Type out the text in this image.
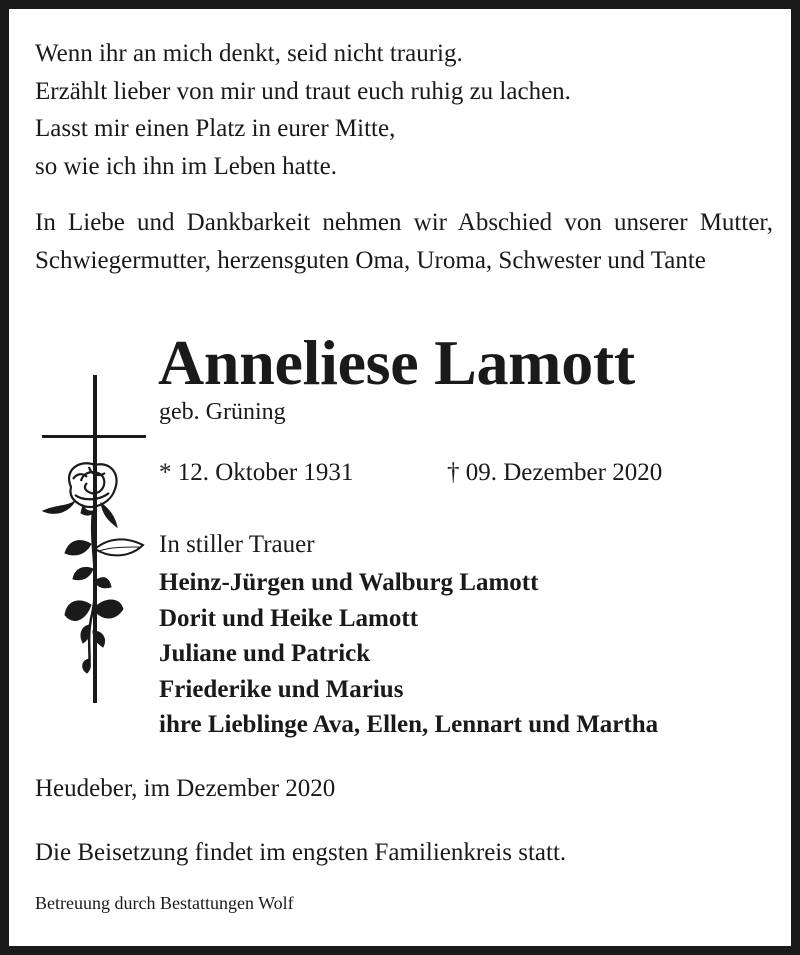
Wenn ihr an mich denkt, seid nicht traurig.
Erzählt lieber von mir und traut euch ruhig zu lachen.
Lasst mir einen Platz in eurer Mitte,
so wie ich ihn im Leben hatte.

In Liebe und Dankbarkeit nehmen wir Abschied von unserer Mutter, Schwiegermutter, herzensguten Oma, Uroma, Schwester und Tante

Anneliese Lamott
geb. Grüning
* 12. Oktober 1931	† 09. Dezember 2020
In stiller Trauer
Heinz-Jürgen und Walburg Lamott
Dorit und Heike Lamott
Juliane und Patrick
Friederike und Marius
ihre Lieblinge Ava, Ellen, Lennart und Martha
Heudeber, im Dezember 2020
Die Beisetzung findet im engsten Familienkreis statt.
Betreuung durch Bestattungen Wolf
